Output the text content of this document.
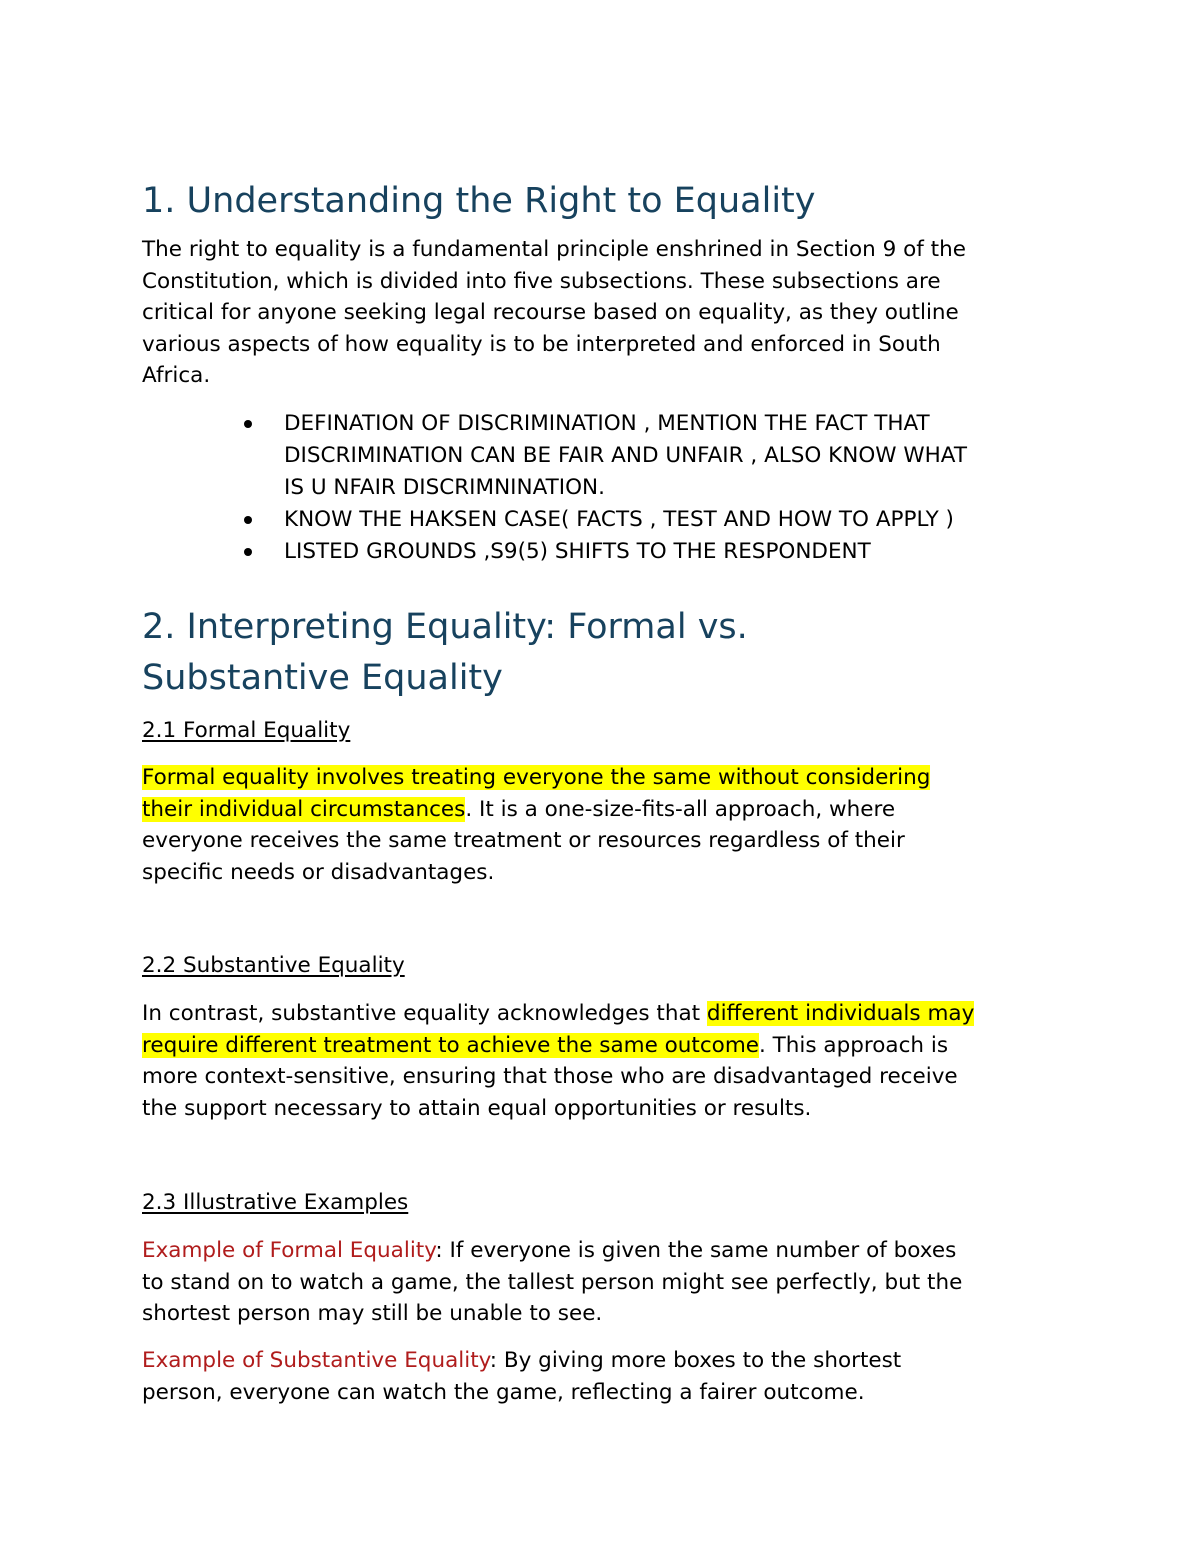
1. Understanding the Right to Equality

The right to equality is a fundamental principle enshrined in Section 9 of the
Constitution, which is divided into five subsections. These subsections are
critical for anyone seeking legal recourse based on equality, as they outline
various aspects of how equality is to be interpreted and enforced in South
Africa.

DEFINATION OF DISCRIMINATION , MENTION THE FACT THAT
DISCRIMINATION CAN BE FAIR AND UNFAIR , ALSO KNOW WHAT
IS U NFAIR DISCRIMNINATION.
KNOW THE HAKSEN CASE( FACTS , TEST AND HOW TO APPLY )
LISTED GROUNDS ,S9(5) SHIFTS TO THE RESPONDENT
2. Interpreting Equality: Formal vs.
Substantive Equality

2.1 Formal Equality

Formal equality involves treating everyone the same without considering
their individual circumstances. It is a one-size-fits-all approach, where
everyone receives the same treatment or resources regardless of their
specific needs or disadvantages.

2.2 Substantive Equality

In contrast, substantive equality acknowledges that different individuals may
require different treatment to achieve the same outcome. This approach is
more context-sensitive, ensuring that those who are disadvantaged receive
the support necessary to attain equal opportunities or results.

2.3 Illustrative Examples

Example of Formal Equality: If everyone is given the same number of boxes
to stand on to watch a game, the tallest person might see perfectly, but the
shortest person may still be unable to see.

Example of Substantive Equality: By giving more boxes to the shortest
person, everyone can watch the game, reflecting a fairer outcome.
